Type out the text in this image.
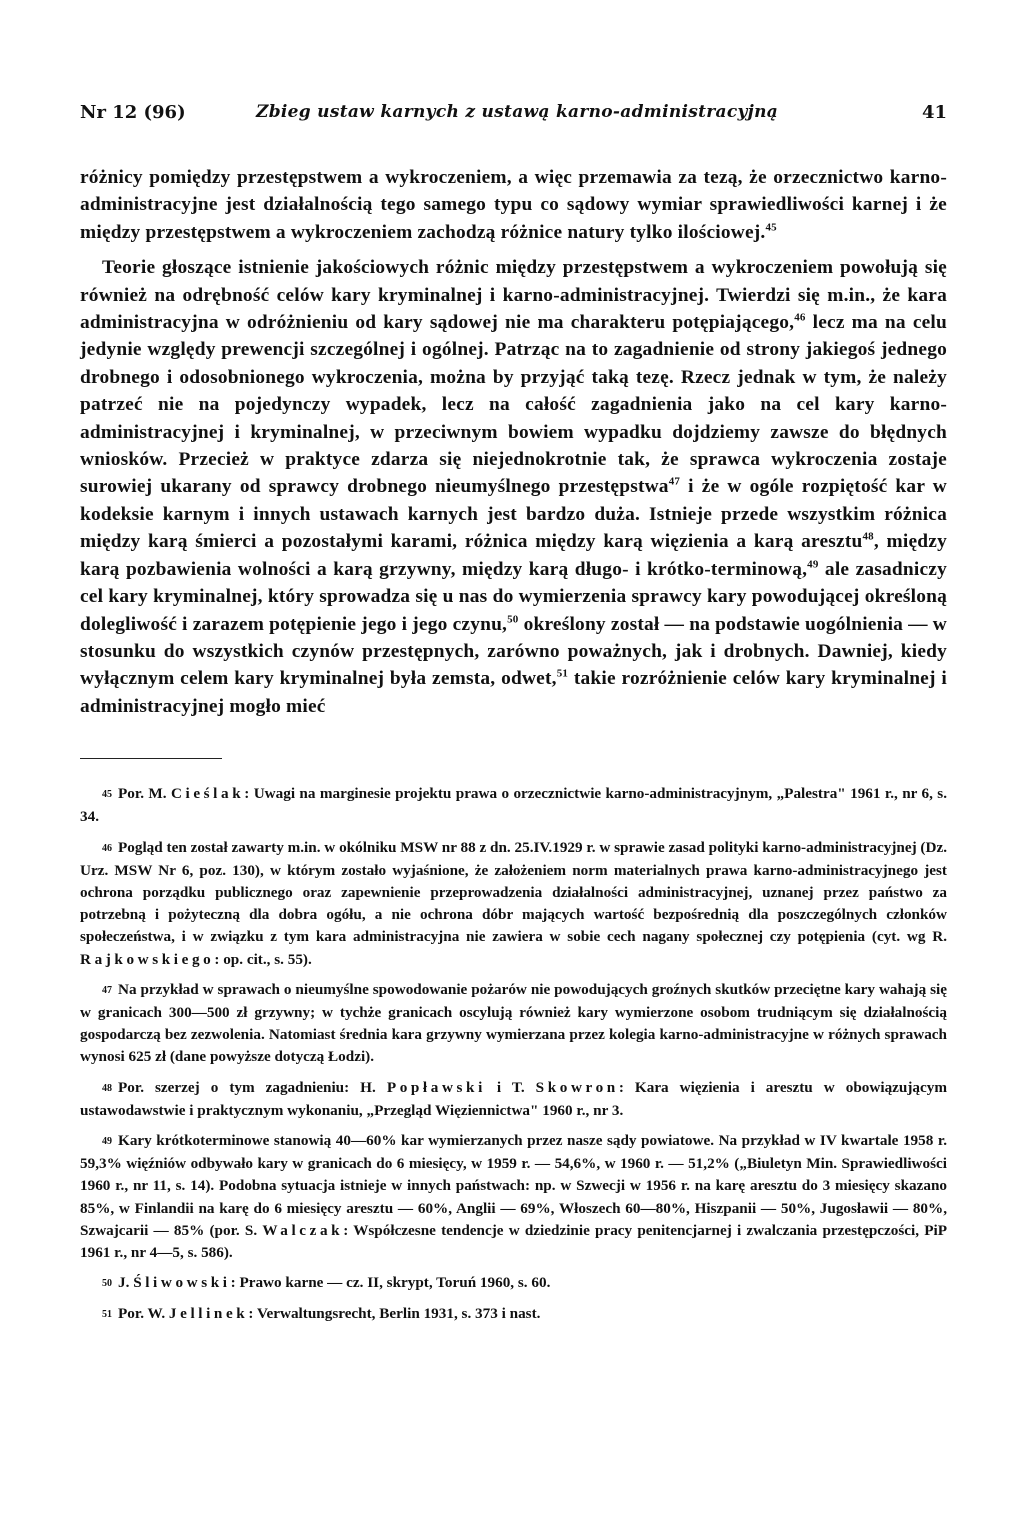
Nr 12 (96)	Zbieg ustaw karnych z ustawą karno-administracyjną	41

różnicy pomiędzy przestępstwem a wykroczeniem, a więc przemawia za tezą, że orzecznictwo karno-administracyjne jest działalnością tego samego typu co sądowy wymiar sprawiedliwości karnej i że między przestępstwem a wykroczeniem zachodzą różnice natury tylko ilościowej.$^{45}$

Teorie głoszące istnienie jakościowych różnic między przestępstwem a wykroczeniem powołują się również na odrębność celów kary kryminalnej i karno-administracyjnej. Twierdzi się m.in., że kara administracyjna w odróżnieniu od kary sądowej nie ma charakteru potępiającego,$^{46}$ lecz ma na celu jedynie względy prewencji szczególnej i ogólnej. Patrząc na to zagadnienie od strony jakiegoś jednego drobnego i odosobnionego wykroczenia, można by przyjąć taką tezę. Rzecz jednak w tym, że należy patrzeć nie na pojedynczy wypadek, lecz na całość zagadnienia jako na cel kary karno-administracyjnej i kryminalnej, w przeciwnym bowiem wypadku dojdziemy zawsze do błędnych wniosków. Przecież w praktyce zdarza się niejednokrotnie tak, że sprawca wykroczenia zostaje surowiej ukarany od sprawcy drobnego nieumyślnego przestępstwa$^{47}$ i że w ogóle rozpiętość kar w kodeksie karnym i innych ustawach karnych jest bardzo duża. Istnieje przede wszystkim różnica między karą śmierci a pozostałymi karami, różnica między karą więzienia a karą aresztu$^{48}$, między karą pozbawienia wolności a karą grzywny, między karą długo- i krótko-terminową,$^{49}$ ale zasadniczy cel kary kryminalnej, który sprowadza się u nas do wymierzenia sprawcy kary powodującej określoną dolegliwość i zarazem potępienie jego i jego czynu,$^{50}$ określony został — na podstawie uogólnienia — w stosunku do wszystkich czynów przestępnych, zarówno poważnych, jak i drobnych. Dawniej, kiedy wyłącznym celem kary kryminalnej była zemsta, odwet,$^{51}$ takie rozróżnienie celów kary kryminalnej i administracyjnej mogło mieć

45 Por. M. Cieślak: Uwagi na marginesie projektu prawa o orzecznictwie karno-administracyjnym, „Palestra" 1961 r., nr 6, s. 34.

46 Pogląd ten został zawarty m.in. w okólniku MSW nr 88 z dn. 25.IV.1929 r. w sprawie zasad polityki karno-administracyjnej (Dz. Urz. MSW Nr 6, poz. 130), w którym zostało wyjaśnione, że założeniem norm materialnych prawa karno-administracyjnego jest ochrona porządku publicznego oraz zapewnienie przeprowadzenia działalności administracyjnej, uznanej przez państwo za potrzebną i pożyteczną dla dobra ogółu, a nie ochrona dóbr mających wartość bezpośrednią dla poszczególnych członków społeczeństwa, i w związku z tym kara administracyjna nie zawiera w sobie cech nagany społecznej czy potępienia (cyt. wg R. Rajkowskiego: op. cit., s. 55).

47 Na przykład w sprawach o nieumyślne spowodowanie pożarów nie powodujących groźnych skutków przeciętne kary wahają się w granicach 300—500 zł grzywny; w tychże granicach oscylują również kary wymierzone osobom trudniącym się działalnością gospodarczą bez zezwolenia. Natomiast średnia kara grzywny wymierzana przez kolegia karno-administracyjne w różnych sprawach wynosi 625 zł (dane powyższe dotyczą Łodzi).

48 Por. szerzej o tym zagadnieniu: H. Popławski i T. Skowron: Kara więzienia i aresztu w obowiązującym ustawodawstwie i praktycznym wykonaniu, „Przegląd Więziennictwa" 1960 r., nr 3.

49 Kary krótkoterminowe stanowią 40—60% kar wymierzanych przez nasze sądy powiatowe. Na przykład w IV kwartale 1958 r. 59,3% więźniów odbywało kary w granicach do 6 miesięcy, w 1959 r. — 54,6%, w 1960 r. — 51,2% („Biuletyn Min. Sprawiedliwości 1960 r., nr 11, s. 14). Podobna sytuacja istnieje w innych państwach: np. w Szwecji w 1956 r. na karę aresztu do 3 miesięcy skazano 85%, w Finlandii na karę do 6 miesięcy aresztu — 60%, Anglii — 69%, Włoszech 60—80%, Hiszpanii — 50%, Jugosławii — 80%, Szwajcarii — 85% (por. S. Walczak: Współczesne tendencje w dziedzinie pracy penitencjarnej i zwalczania przestępczości, PiP 1961 r., nr 4—5, s. 586).

50 J. Śliwowski: Prawo karne — cz. II, skrypt, Toruń 1960, s. 60.

51 Por. W. Jellinek: Verwaltungsrecht, Berlin 1931, s. 373 i nast.
